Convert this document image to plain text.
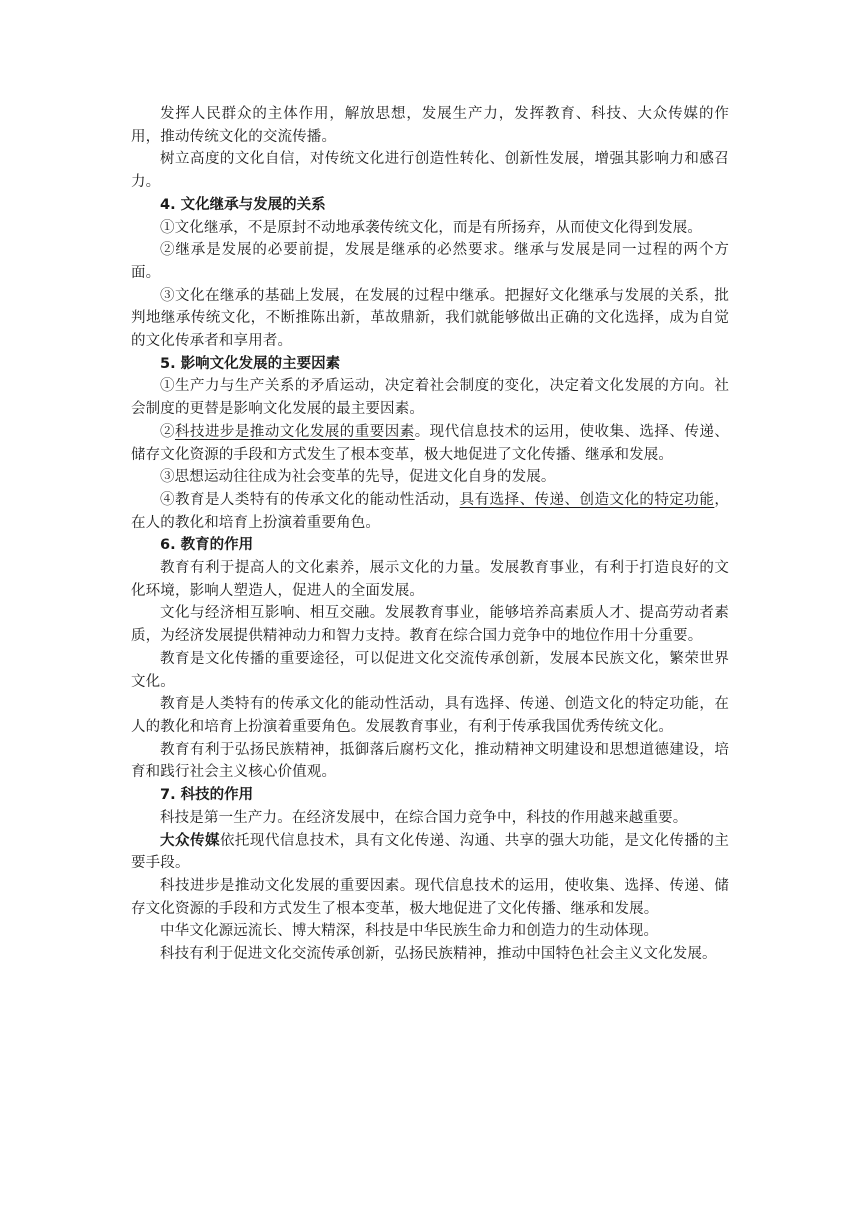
发挥人民群众的主体作用，解放思想，发展生产力，发挥教育、科技、大众传媒的作用，推动传统文化的交流传播。

树立高度的文化自信，对传统文化进行创造性转化、创新性发展，增强其影响力和感召力。

4. 文化继承与发展的关系

①文化继承，不是原封不动地承袭传统文化，而是有所扬弃，从而使文化得到发展。

②继承是发展的必要前提，发展是继承的必然要求。继承与发展是同一过程的两个方面。

③文化在继承的基础上发展，在发展的过程中继承。把握好文化继承与发展的关系，批判地继承传统文化，不断推陈出新，革故鼎新，我们就能够做出正确的文化选择，成为自觉的文化传承者和享用者。

5. 影响文化发展的主要因素

①生产力与生产关系的矛盾运动，决定着社会制度的变化，决定着文化发展的方向。社会制度的更替是影响文化发展的最主要因素。

②科技进步是推动文化发展的重要因素。现代信息技术的运用，使收集、选择、传递、储存文化资源的手段和方式发生了根本变革，极大地促进了文化传播、继承和发展。

③思想运动往往成为社会变革的先导，促进文化自身的发展。

④教育是人类特有的传承文化的能动性活动，具有选择、传递、创造文化的特定功能，在人的教化和培育上扮演着重要角色。

6. 教育的作用

教育有利于提高人的文化素养，展示文化的力量。发展教育事业，有利于打造良好的文化环境，影响人塑造人，促进人的全面发展。

文化与经济相互影响、相互交融。发展教育事业，能够培养高素质人才、提高劳动者素质，为经济发展提供精神动力和智力支持。教育在综合国力竞争中的地位作用十分重要。

教育是文化传播的重要途径，可以促进文化交流传承创新，发展本民族文化，繁荣世界文化。

教育是人类特有的传承文化的能动性活动，具有选择、传递、创造文化的特定功能，在人的教化和培育上扮演着重要角色。发展教育事业，有利于传承我国优秀传统文化。

教育有利于弘扬民族精神，抵御落后腐朽文化，推动精神文明建设和思想道德建设，培育和践行社会主义核心价值观。

7. 科技的作用

科技是第一生产力。在经济发展中，在综合国力竞争中，科技的作用越来越重要。

大众传媒依托现代信息技术，具有文化传递、沟通、共享的强大功能，是文化传播的主要手段。

科技进步是推动文化发展的重要因素。现代信息技术的运用，使收集、选择、传递、储存文化资源的手段和方式发生了根本变革，极大地促进了文化传播、继承和发展。

中华文化源远流长、博大精深，科技是中华民族生命力和创造力的生动体现。

科技有利于促进文化交流传承创新，弘扬民族精神，推动中国特色社会主义文化发展。
